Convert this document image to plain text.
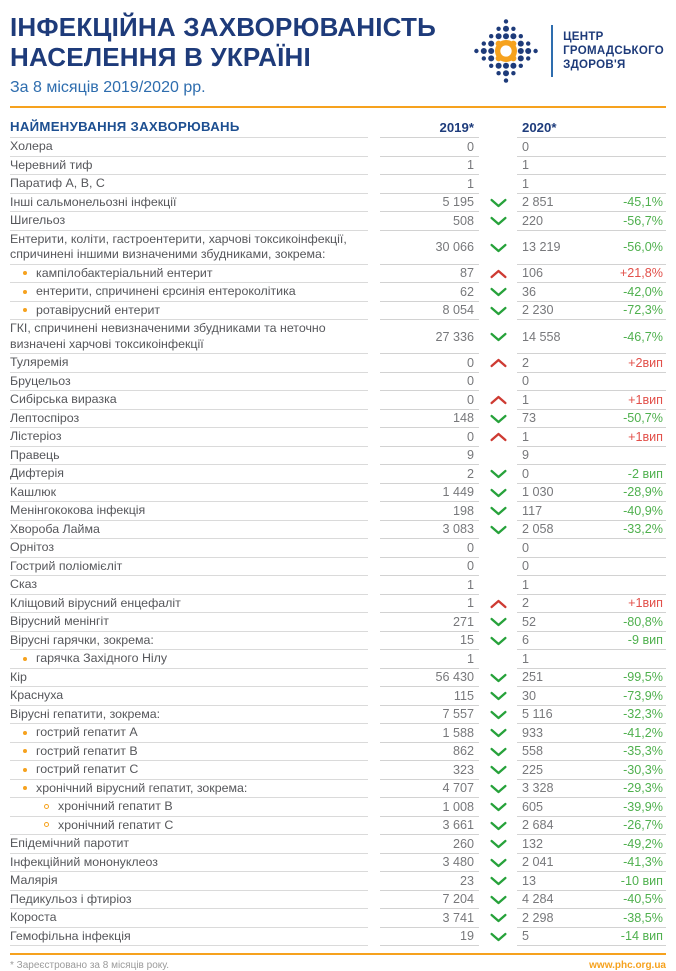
ІНФЕКЦІЙНА ЗАХВОРЮВАНІСТЬ
НАСЕЛЕННЯ В УКРАЇНІ
За 8 місяців 2019/2020 рр.
ЦЕНТР
ГРОМАДСЬКОГО
ЗДОРОВ'Я
НАЙМЕНУВАННЯ ЗАХВОРЮВАНЬ	2019*	2020*
Холера	0	0
Черевний тиф	1	1
Паратиф А, В, С	1	1
Інші сальмонельозні інфекції	5 195	2 851	-45,1%
Шигельоз	508	220	-56,7%
Ентерити, коліти, гастроентерити, харчові токсикоінфекції, спричинені іншими визначеними збудниками, зокрема:	30 066	13 219	-56,0%
кампілобактеріальний ентерит	87	106	+21,8%
ентерити, спричинені єрсинія ентероколітика	62	36	-42,0%
ротавірусний ентерит	8 054	2 230	-72,3%
ГКІ, спричинені невизначеними збудниками та неточно визначені харчові токсикоінфекції	27 336	14 558	-46,7%
Туляремія	0	2	+2вип
Бруцельоз	0	0
Сибірська виразка	0	1	+1вип
Лептоспіроз	148	73	-50,7%
Лістеріоз	0	1	+1вип
Правець	9	9
Дифтерія	2	0	-2 вип
Кашлюк	1 449	1 030	-28,9%
Менінгококова інфекція	198	117	-40,9%
Хвороба Лайма	3 083	2 058	-33,2%
Орнітоз	0	0
Гострий поліомієліт	0	0
Сказ	1	1
Кліщовий вірусний енцефаліт	1	2	+1вип
Вірусний менінгіт	271	52	-80,8%
Вірусні гарячки, зокрема:	15	6	-9 вип
гарячка Західного Нілу	1	1
Кір	56 430	251	-99,5%
Краснуха	115	30	-73,9%
Вірусні гепатити, зокрема:	7 557	5 116	-32,3%
гострий гепатит А	1 588	933	-41,2%
гострий гепатит В	862	558	-35,3%
гострий гепатит С	323	225	-30,3%
хронічний вірусний гепатит, зокрема:	4 707	3 328	-29,3%
хронічний гепатит В	1 008	605	-39,9%
хронічний гепатит С	3 661	2 684	-26,7%
Епідемічний паротит	260	132	-49,2%
Інфекційний мононуклеоз	3 480	2 041	-41,3%
Малярія	23	13	-10 вип
Педикульоз і фтиріоз	7 204	4 284	-40,5%
Короста	3 741	2 298	-38,5%
Гемофільна інфекція	19	5	-14 вип
* Зареєстровано за 8 місяців року.	www.phc.org.ua
